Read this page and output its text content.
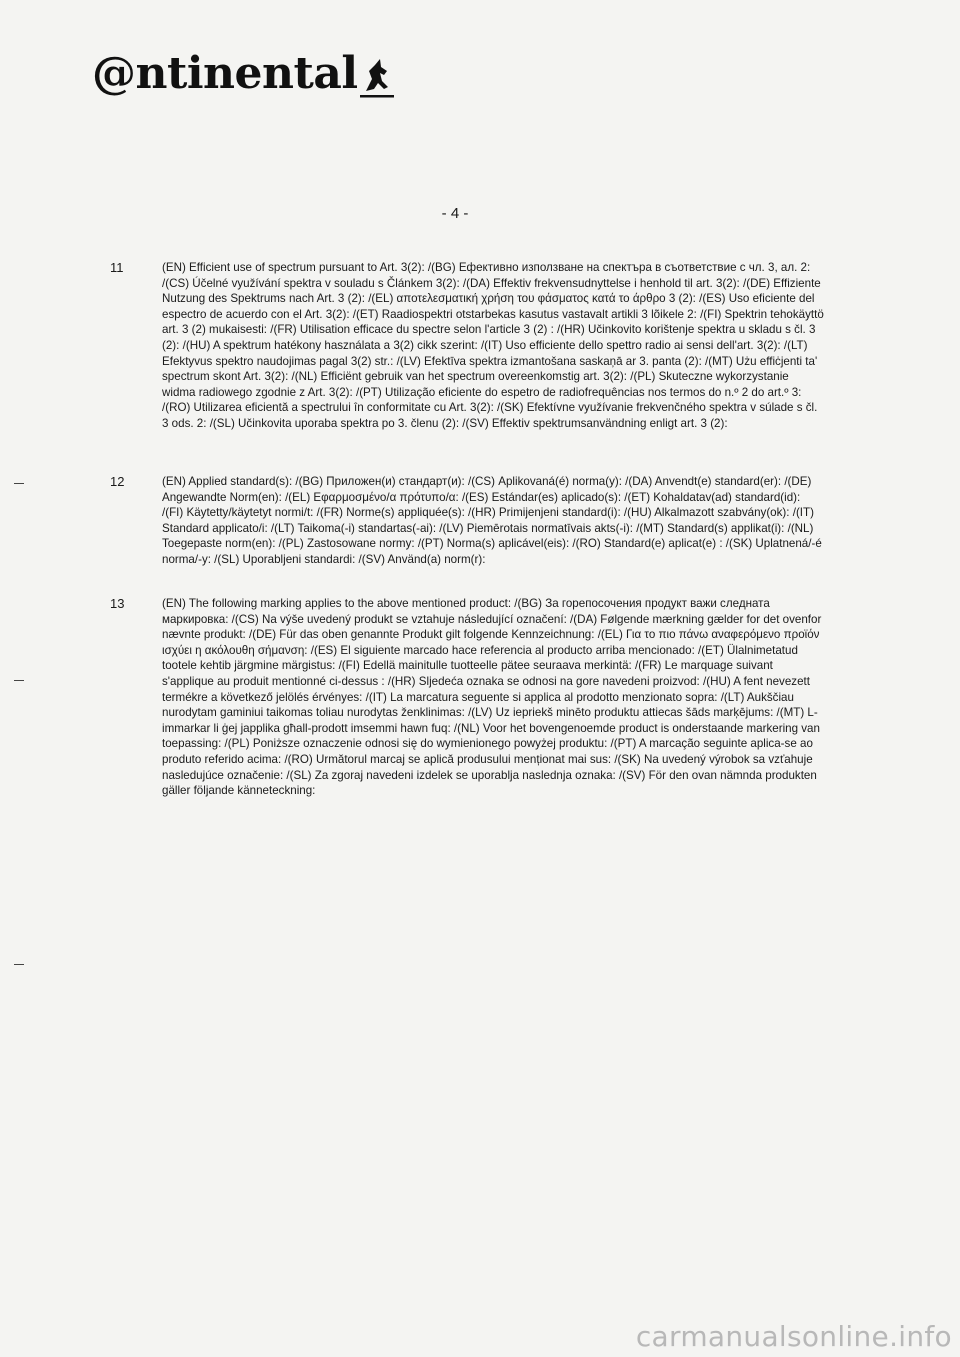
@ntinental
- 4 -
11	(EN) Efficient use of spectrum pursuant to Art. 3(2): /(BG) Ефективно използване на спектъра в съответствие с чл. 3, ал. 2: /(CS) Účelné využívání spektra v souladu s Článkem 3(2): /(DA) Effektiv frekvensudnyttelse i henhold til art. 3(2): /(DE) Effiziente Nutzung des Spektrums nach Art. 3 (2): /(EL) αποτελεσματική χρήση του φάσματος κατά το άρθρο 3 (2): /(ES) Uso eficiente del espectro de acuerdo con el Art. 3(2): /(ET) Raadiospektri otstarbekas kasutus vastavalt artikli 3 lõikele 2: /(FI) Spektrin tehokäyttö art. 3 (2) mukaisesti: /(FR) Utilisation efficace du spectre selon l'article 3 (2) : /(HR) Učinkovito korištenje spektra u skladu s čl. 3 (2): /(HU) A spektrum hatékony használata a 3(2) cikk szerint: /(IT) Uso efficiente dello spettro radio ai sensi dell'art. 3(2): /(LT) Efektyvus spektro naudojimas pagal 3(2) str.: /(LV) Efektīva spektra izmantošana saskaņā ar 3. panta (2): /(MT) Użu effiċjenti ta' spectrum skont Art. 3(2): /(NL) Efficiënt gebruik van het spectrum overeenkomstig art. 3(2): /(PL) Skuteczne wykorzystanie widma radiowego zgodnie z Art. 3(2): /(PT) Utilização eficiente do espetro de radiofrequências nos termos do n.º 2 do art.º 3: /(RO) Utilizarea eficientă a spectrului în conformitate cu Art. 3(2): /(SK) Efektívne využívanie frekvenčného spektra v súlade s čl. 3 ods. 2: /(SL) Učinkovita uporaba spektra po 3. členu (2): /(SV) Effektiv spektrumsanvändning enligt art. 3 (2):
12	(EN) Applied standard(s): /(BG) Приложен(и) стандарт(и): /(CS) Aplikovaná(é) norma(y): /(DA) Anvendt(e) standard(er): /(DE) Angewandte Norm(en): /(EL) Εφαρμοσμένο/α πρότυπο/α: /(ES) Estándar(es) aplicado(s): /(ET) Kohaldatav(ad) standard(id): /(FI) Käytetty/käytetyt normi/t: /(FR) Norme(s) appliquée(s): /(HR) Primijenjeni standard(i): /(HU) Alkalmazott szabvány(ok): /(IT) Standard applicato/i: /(LT) Taikoma(-i) standartas(-ai): /(LV) Piemērotais normatīvais akts(-i): /(MT) Standard(s) applikat(i): /(NL) Toegepaste norm(en): /(PL) Zastosowane normy: /(PT) Norma(s) aplicável(eis): /(RO) Standard(e) aplicat(e) : /(SK) Uplatnená/-é norma/-y: /(SL) Uporabljeni standardi: /(SV) Använd(a) norm(r):
13	(EN) The following marking applies to the above mentioned product: /(BG) За горепосочения продукт важи следната маркировка: /(CS) Na výše uvedený produkt se vztahuje následující označení: /(DA) Følgende mærkning gælder for det ovenfor nævnte produkt: /(DE) Für das oben genannte Produkt gilt folgende Kennzeichnung: /(EL) Για το πιο πάνω αναφερόμενο προϊόν ισχύει η ακόλουθη σήμανση: /(ES) El siguiente marcado hace referencia al producto arriba mencionado: /(ET) Ülalnimetatud tootele kehtib järgmine märgistus: /(FI) Edellä mainitulle tuotteelle pätee seuraava merkintä: /(FR) Le marquage suivant s'applique au produit mentionné ci-dessus : /(HR) Sljedeća oznaka se odnosi na gore navedeni proizvod: /(HU) A fent nevezett termékre a következő jelölés érvényes: /(IT) La marcatura seguente si applica al prodotto menzionato sopra: /(LT) Aukščiau nurodytam gaminiui taikomas toliau nurodytas ženklinimas: /(LV) Uz iepriekš minēto produktu attiecas šāds marķējums: /(MT) L-immarkar li ġej japplika għall-prodott imsemmi hawn fuq: /(NL) Voor het bovengenoemde product is onderstaande markering van toepassing: /(PL) Poniższe oznaczenie odnosi się do wymienionego powyżej produktu: /(PT) A marcação seguinte aplica-se ao produto referido acima: /(RO) Următorul marcaj se aplică produsului menționat mai sus: /(SK) Na uvedený výrobok sa vzťahuje nasledujúce označenie: /(SL) Za zgoraj navedeni izdelek se uporablja naslednja oznaka: /(SV) För den ovan nämnda produkten gäller följande känneteckning:
carmanualsonline.info
